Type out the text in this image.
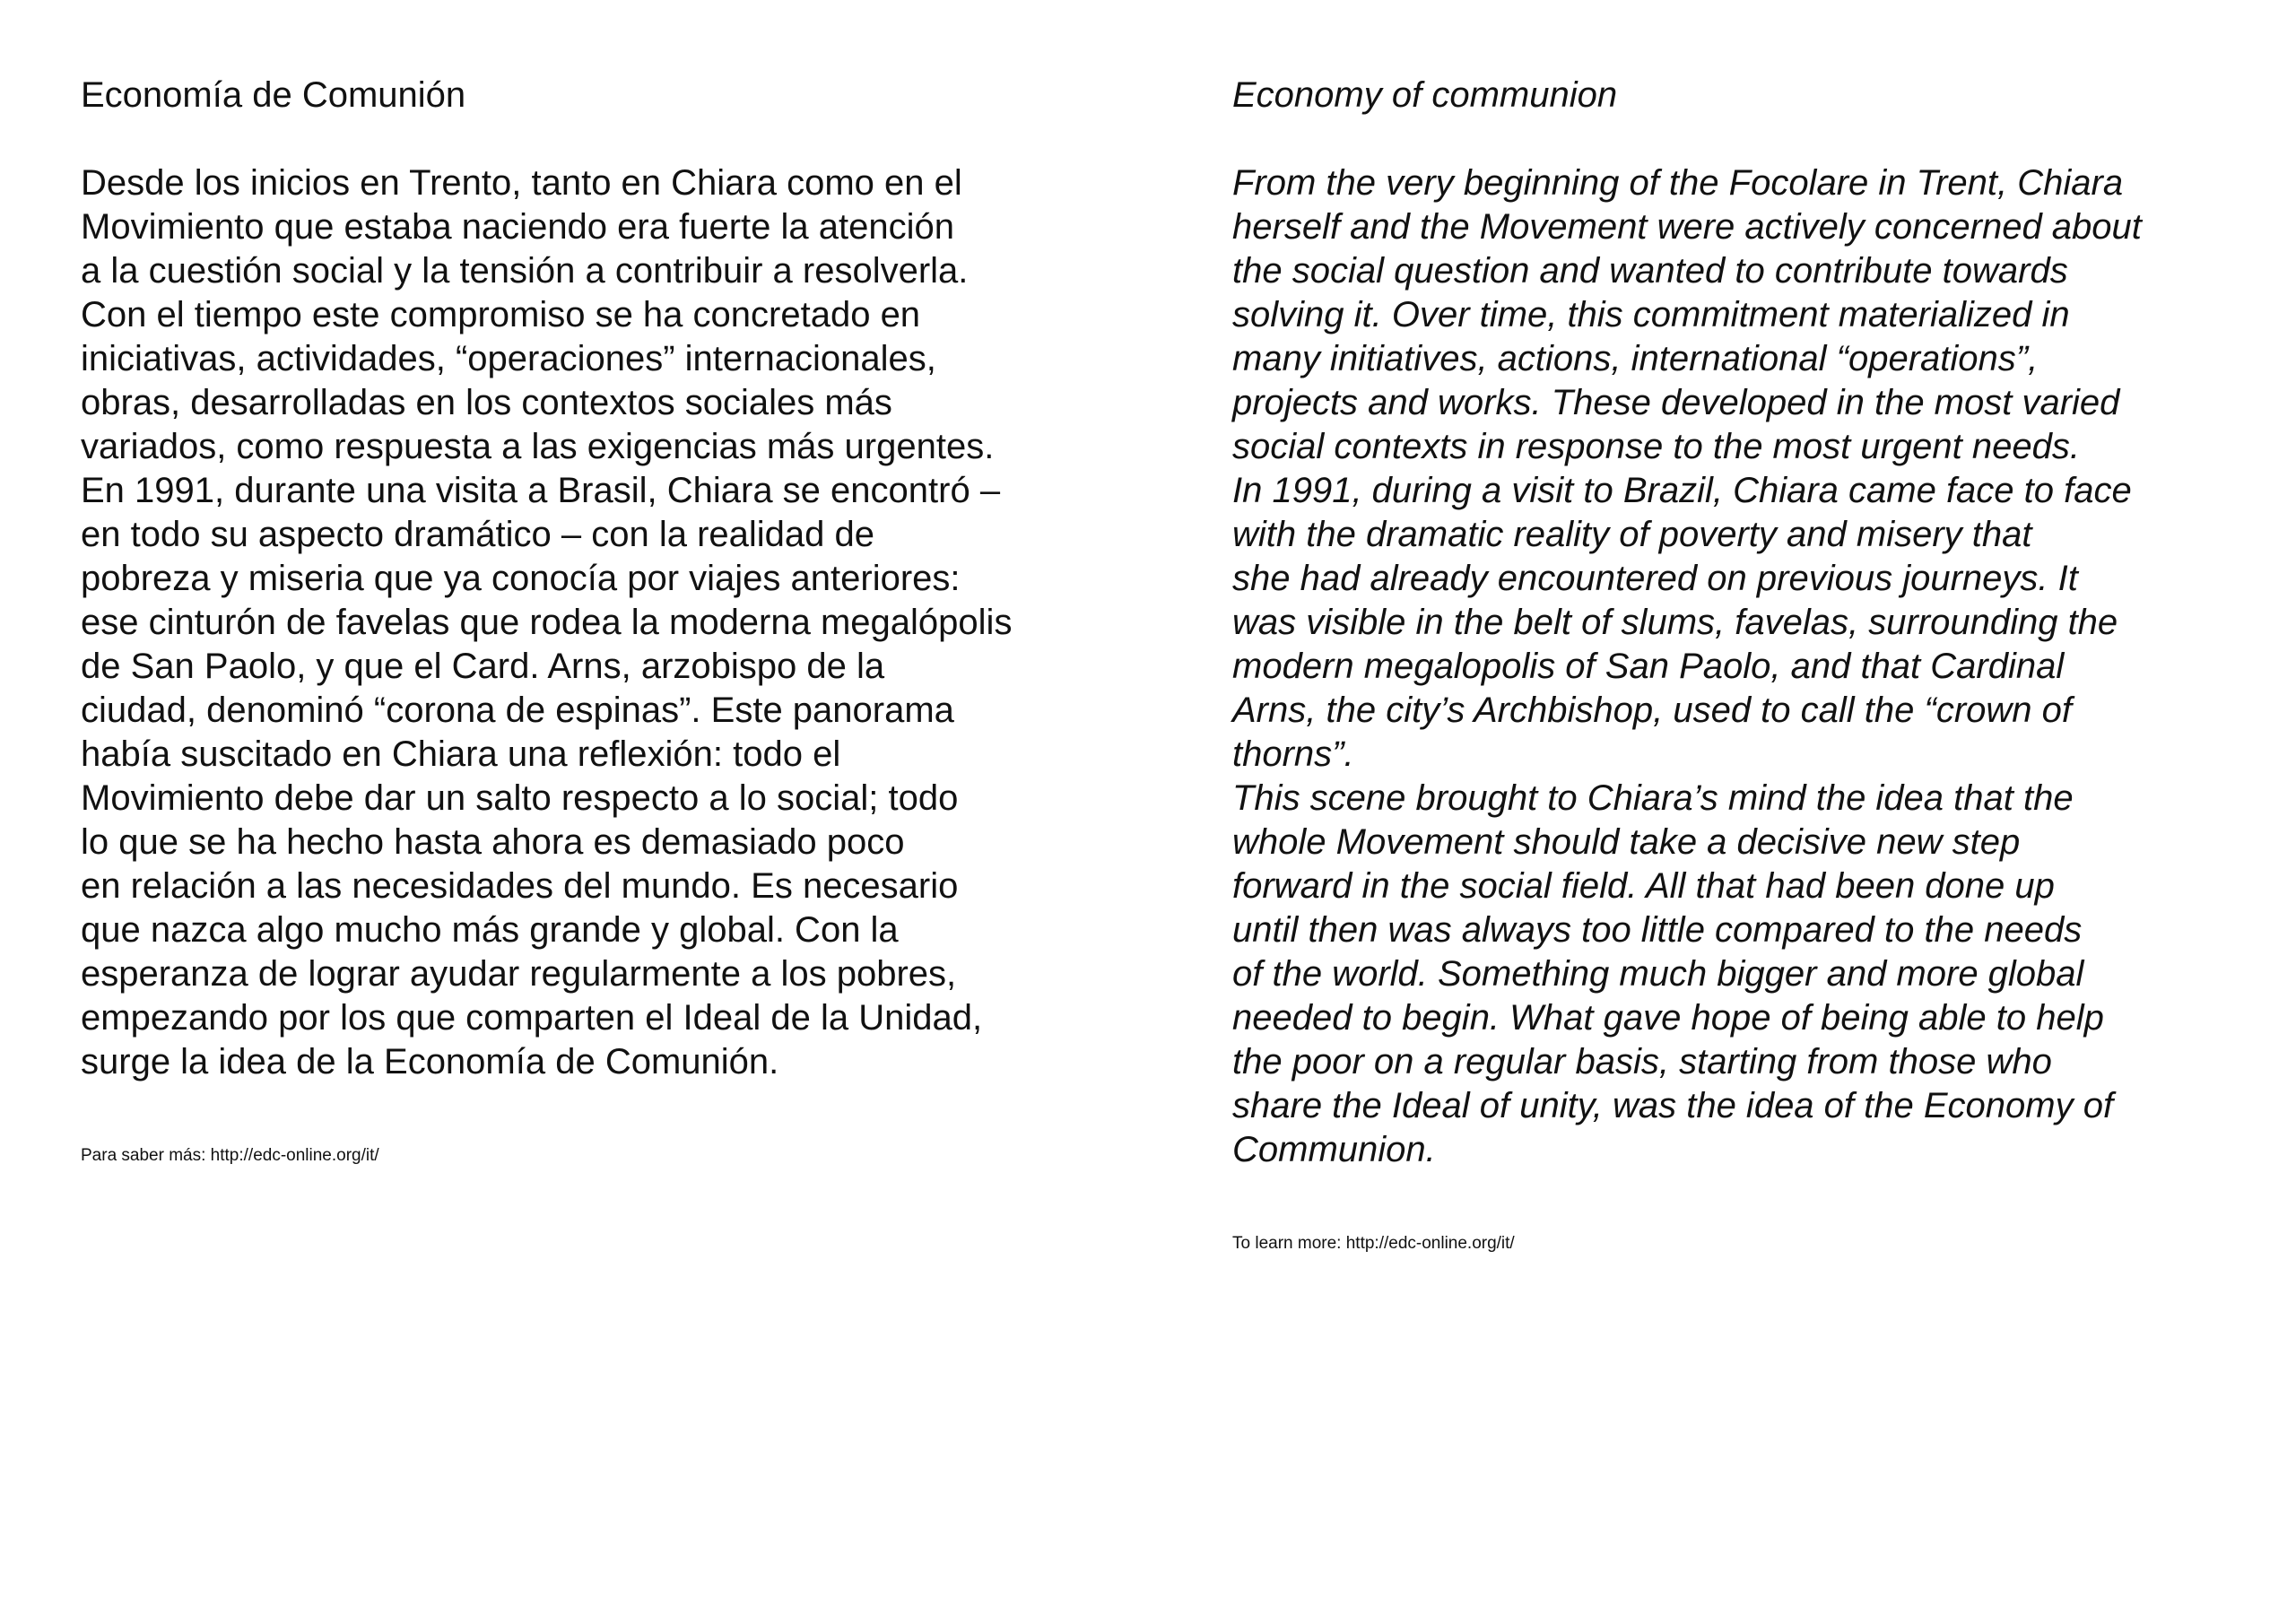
Economía de Comunión
Desde los inicios en Trento, tanto en Chiara como en el
Movimiento que estaba naciendo era fuerte la atención
a la cuestión social y la tensión a contribuir a resolverla.
Con el tiempo este compromiso se ha concretado en
iniciativas, actividades, “operaciones” internacionales,
obras, desarrolladas en los contextos sociales más
variados, como respuesta a las exigencias más urgentes.
En 1991, durante una visita a Brasil, Chiara se encontró –
en todo su aspecto dramático – con la realidad de
pobreza y miseria que ya conocía por viajes anteriores:
ese cinturón de favelas que rodea la moderna megalópolis
de San Paolo, y que el Card. Arns, arzobispo de la
ciudad, denominó “corona de espinas”. Este panorama
había suscitado en Chiara una reflexión: todo el
Movimiento debe dar un salto respecto a lo social; todo
lo que se ha hecho hasta ahora es demasiado poco
en relación a las necesidades del mundo. Es necesario
que nazca algo mucho más grande y global. Con la
esperanza de lograr ayudar regularmente a los pobres,
empezando por los que comparten el Ideal de la Unidad,
surge la idea de la Economía de Comunión.

Para saber más: http://edc-online.org/it/

Economy of communion
From the very beginning of the Focolare in Trent, Chiara
herself and the Movement were actively concerned about
the social question and wanted to contribute towards
solving it. Over time, this commitment materialized in
many initiatives, actions, international “operations”,
projects and works. These developed in the most varied
social contexts in response to the most urgent needs.
In 1991, during a visit to Brazil, Chiara came face to face
with the dramatic reality of poverty and misery that
she had already encountered on previous journeys. It
was visible in the belt of slums, favelas, surrounding the
modern megalopolis of San Paolo, and that Cardinal
Arns, the city’s Archbishop, used to call the “crown of
thorns”.
This scene brought to Chiara’s mind the idea that the
whole Movement should take a decisive new step
forward in the social field. All that had been done up
until then was always too little compared to the needs
of the world. Something much bigger and more global
needed to begin. What gave hope of being able to help
the poor on a regular basis, starting from those who
share the Ideal of unity, was the idea of the Economy of
Communion.

To learn more: http://edc-online.org/it/
